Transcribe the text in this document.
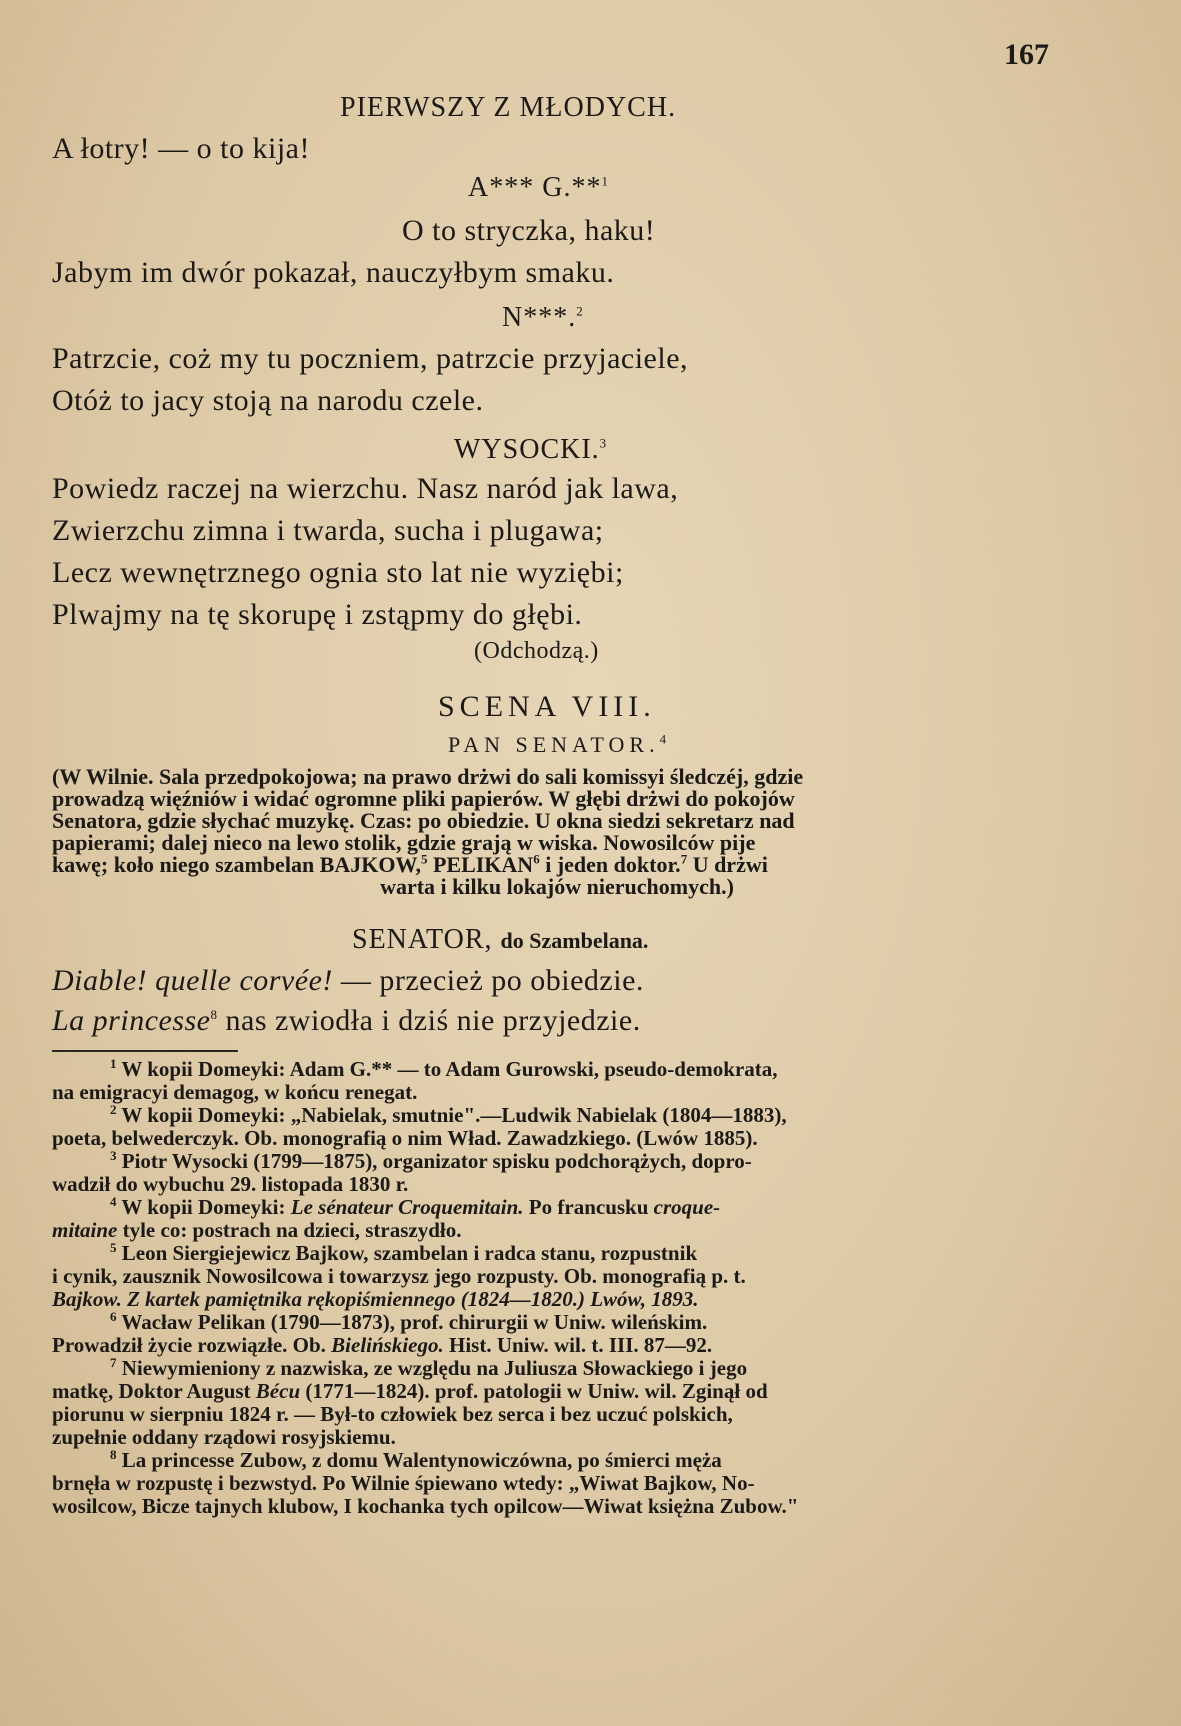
167
PIERWSZY Z MŁODYCH.
A łotry! — o to kija!
A*** G.**$^1$
O to stryczka, haku!
Jabym im dwór pokazał, nauczyłbym smaku.
N***.$^2$
Patrzcie, coż my tu poczniem, patrzcie przyjaciele,
Otóż to jacy stoją na narodu czele.
WYSOCKI.$^3$
Powiedz raczej na wierzchu. Nasz naród jak lawa,
Zwierzchu zimna i twarda, sucha i plugawa;
Lecz wewnętrznego ognia sto lat nie wyziębi;
Plwajmy na tę skorupę i zstąpmy do głębi.
(Odchodzą.)
SCENA VIII.
PAN SENATOR.$^4$
(W Wilnie. Sala przedpokojowa; na prawo drżwi do sali komissyi śledczéj, gdzie
prowadzą więźniów i widać ogromne pliki papierów. W głębi drżwi do pokojów
Senatora, gdzie słychać muzykę. Czas: po obiedzie. U okna siedzi sekretarz nad
papierami; dalej nieco na lewo stolik, gdzie grają w wiska. Nowosilców pije
kawę; koło niego szambelan BAJKOW,$^5$ PELIKAN$^6$ i jeden doktor.$^7$ U drżwi
warta i kilku lokajów nieruchomych.)
SENATOR, do Szambelana.
Diable! quelle corvée! — przecież po obiedzie.
La princesse$^8$ nas zwiodła i dziś nie przyjedzie.
$^1$ W kopii Domeyki: Adam G.** — to Adam Gurowski, pseudo-demokrata,
na emigracyi demagog, w końcu renegat.
$^2$ W kopii Domeyki: „Nabielak, smutnie".—Ludwik Nabielak (1804—1883),
poeta, belwederczyk. Ob. monografią o nim Wład. Zawadzkiego. (Lwów 1885).
$^3$ Piotr Wysocki (1799—1875), organizator spisku podchorążych, dopro-
wadził do wybuchu 29. listopada 1830 r.
$^4$ W kopii Domeyki: Le sénateur Croquemitain. Po francusku croque-
mitaine tyle co: postrach na dzieci, straszydło.
$^5$ Leon Siergiejewicz Bajkow, szambelan i radca stanu, rozpustnik
i cynik, zausznik Nowosilcowa i towarzysz jego rozpusty. Ob. monografią p. t.
Bajkow. Z kartek pamiętnika rękopiśmiennego (1824—1820.) Lwów, 1893.
$^6$ Wacław Pelikan (1790—1873), prof. chirurgii w Uniw. wileńskim.
Prowadził życie rozwiązłe. Ob. Bielińskiego. Hist. Uniw. wil. t. III. 87—92.
$^7$ Niewymieniony z nazwiska, ze względu na Juliusza Słowackiego i jego
matkę, Doktor August Bécu (1771—1824). prof. patologii w Uniw. wil. Zginął od
piorunu w sierpniu 1824 r. — Był-to człowiek bez serca i bez uczuć polskich,
zupełnie oddany rządowi rosyjskiemu.
$^8$ La princesse Zubow, z domu Walentynowiczówna, po śmierci męża
brnęła w rozpustę i bezwstyd. Po Wilnie śpiewano wtedy: „Wiwat Bajkow, No-
wosilcow, Bicze tajnych klubow, I kochanka tych opilcow—Wiwat księżna Zubow."
